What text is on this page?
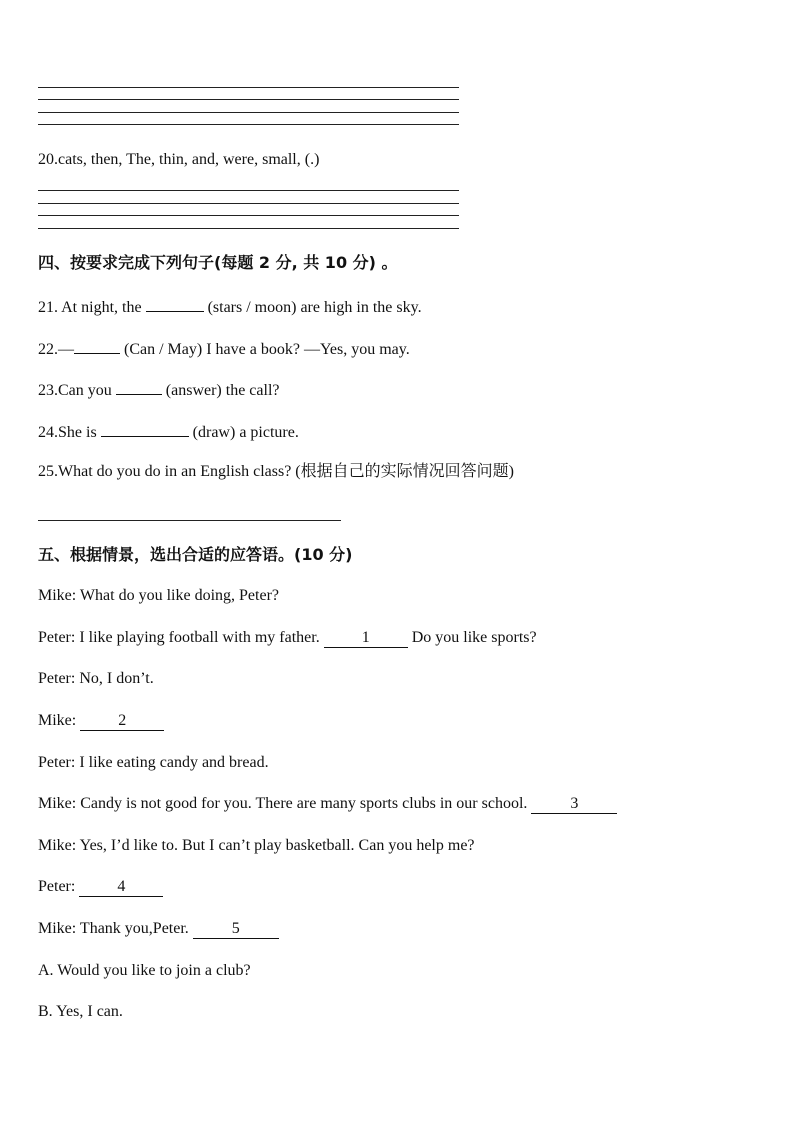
20.cats, then, The, thin, and, were, small, (.)
四、按要求完成下列句子(每题 2 分, 共 10 分) 。
21. At night, the	(stars / moon) are high in the sky.
22.—	(Can / May) I have a book? —Yes, you may.
23.Can you	(answer) the call?
24.She is	(draw) a picture.
25.What do you do in an English class? (根据自己的实际情况回答问题)
五、根据情景，选出合适的应答语。(10 分)
Mike: What do you like doing, Peter?
Peter: I like playing football with my father. 1 Do you like sports?
Peter: No, I don’t.
Mike: 2
Peter: I like eating candy and bread.
Mike: Candy is not good for you. There are many sports clubs in our school. 3
Mike: Yes, I’d like to. But I can’t play basketball. Can you help me?
Peter: 4
Mike: Thank you,Peter. 5
A. Would you like to join a club?
B. Yes, I can.
